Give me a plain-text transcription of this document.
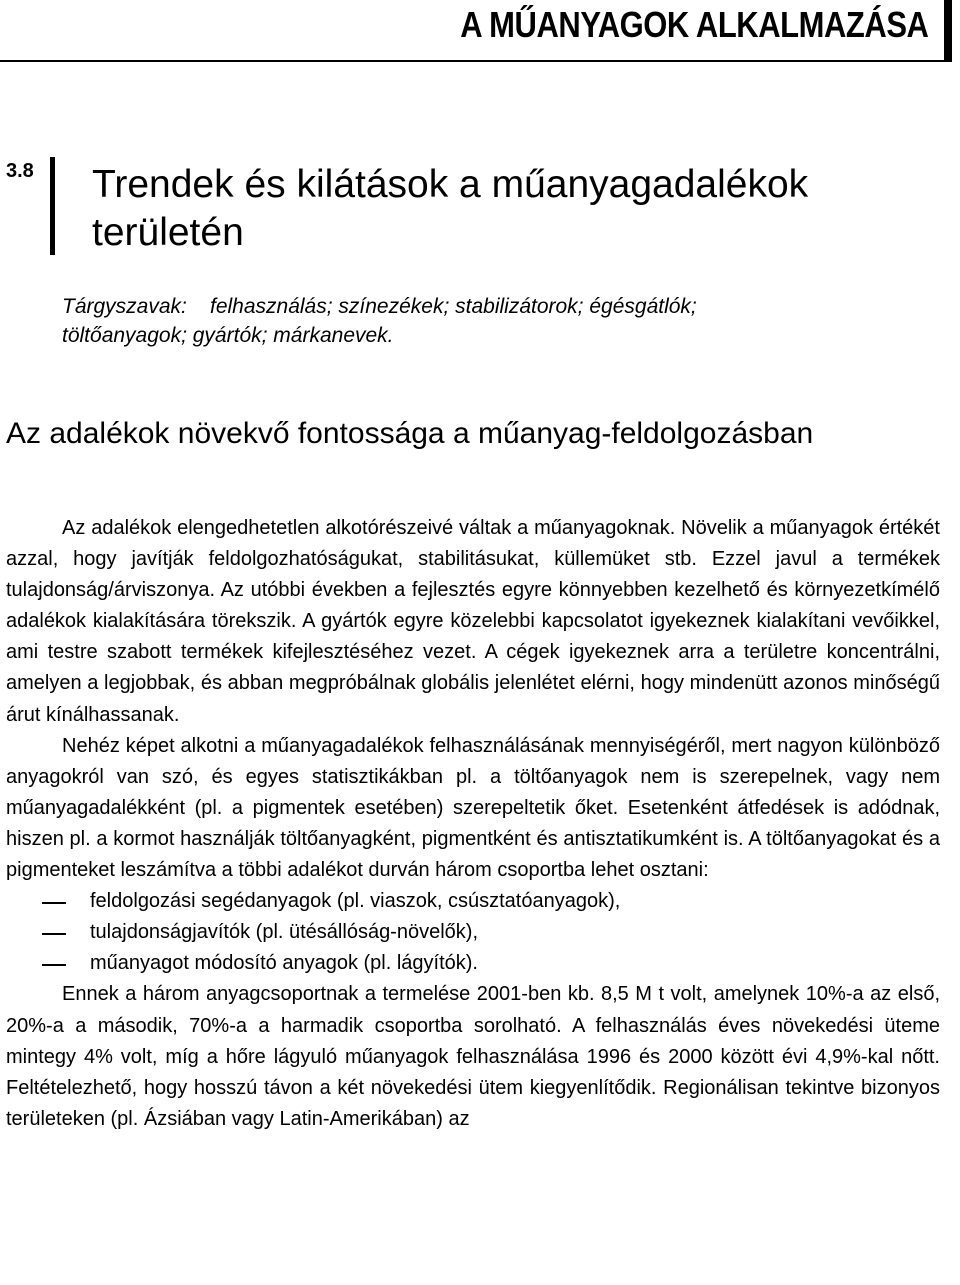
A MŰANYAGOK ALKALMAZÁSA
3.8 Trendek és kilátások a műanyagadalékok területén
Tárgyszavak: felhasználás; színezékek; stabilizátorok; égésgátlók;
töltőanyagok; gyártók; márkanevek.
Az adalékok növekvő fontossága a műanyag-feldolgozásban

Az adalékok elengedhetetlen alkotórészeivé váltak a műanyagoknak. Növelik a műanyagok értékét azzal, hogy javítják feldolgozhatóságukat, stabilitásukat, küllemüket stb. Ezzel javul a termékek tulajdonság/árviszonya. Az utóbbi években a fejlesztés egyre könnyebben kezelhető és környezetkímélő adalékok kialakítására törekszik. A gyártók egyre közelebbi kapcsolatot igyekeznek kialakítani vevőikkel, ami testre szabott termékek kifejlesztéséhez vezet. A cégek igyekeznek arra a területre koncentrálni, amelyen a legjobbak, és abban megpróbálnak globális jelenlétet elérni, hogy mindenütt azonos minőségű árut kínálhassanak.

Nehéz képet alkotni a műanyagadalékok felhasználásának mennyiségéről, mert nagyon különböző anyagokról van szó, és egyes statisztikákban pl. a töltőanyagok nem is szerepelnek, vagy nem műanyagadalékként (pl. a pigmentek esetében) szerepeltetik őket. Esetenként átfedések is adódnak, hiszen pl. a kormot használják töltőanyagként, pigmentként és antisztatikumként is. A töltőanyagokat és a pigmenteket leszámítva a többi adalékot durván három csoportba lehet osztani:

feldolgozási segédanyagok (pl. viaszok, csúsztatóanyagok),
tulajdonságjavítók (pl. ütésállóság-növelők),
műanyagot módosító anyagok (pl. lágyítók).

Ennek a három anyagcsoportnak a termelése 2001-ben kb. 8,5 M t volt, amelynek 10%-a az első, 20%-a a második, 70%-a a harmadik csoportba sorolható. A felhasználás éves növekedési üteme mintegy 4% volt, míg a hőre lágyuló műanyagok felhasználása 1996 és 2000 között évi 4,9%-kal nőtt. Feltételezhető, hogy hosszú távon a két növekedési ütem kiegyenlítődik. Regionálisan tekintve bizonyos területeken (pl. Ázsiában vagy Latin-Amerikában) az
